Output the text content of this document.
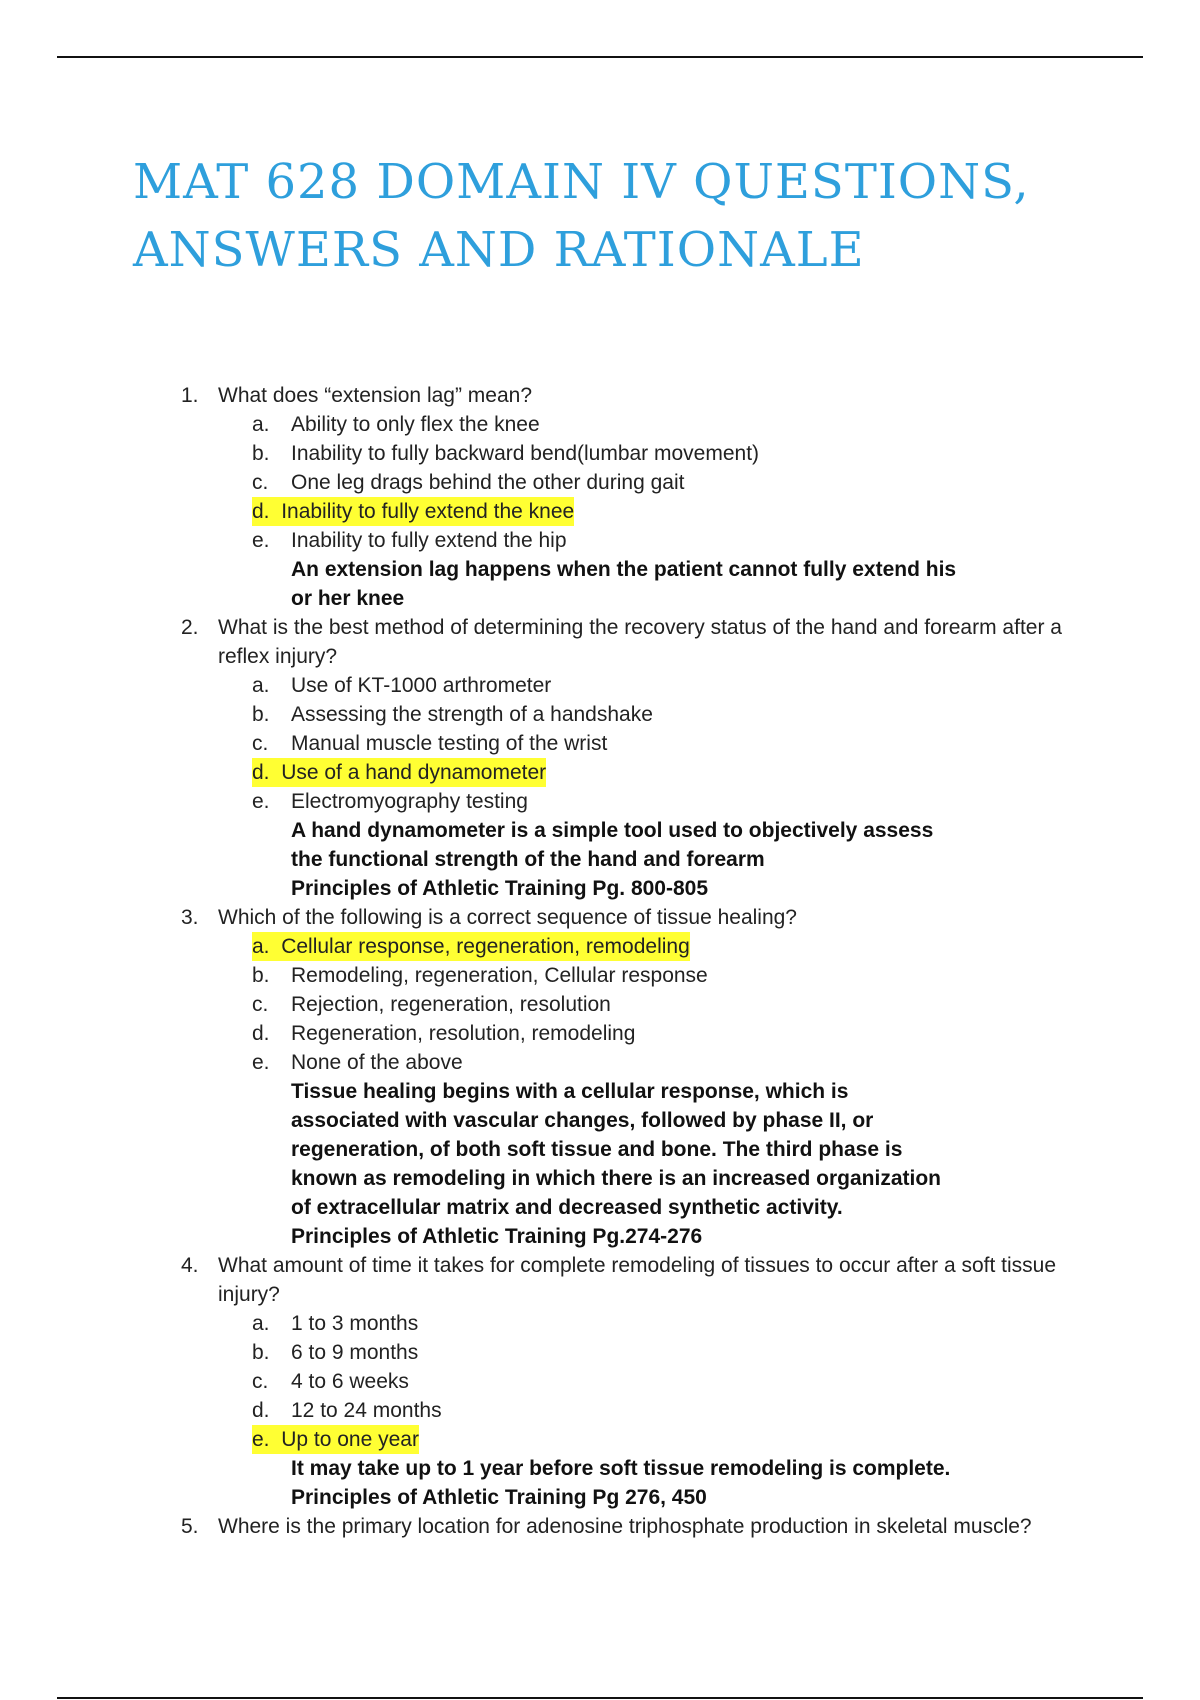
MAT 628 DOMAIN IV QUESTIONS,
ANSWERS AND RATIONALE
1. What does “extension lag” mean?
a. Ability to only flex the knee
b. Inability to fully backward bend(lumbar movement)
c. One leg drags behind the other during gait
d. Inability to fully extend the knee

e. Inability to fully extend the hip
An extension lag happens when the patient cannot fully extend his or her knee
2. What is the best method of determining the recovery status of the hand and forearm after a reflex injury?
a. Use of KT-1000 arthrometer
b. Assessing the strength of a handshake
c. Manual muscle testing of the wrist
d. Use of a hand dynamometer

e. Electromyography testing
A hand dynamometer is a simple tool used to objectively assess the functional strength of the hand and forearm
Principles of Athletic Training Pg. 800-805
3. Which of the following is a correct sequence of tissue healing?
a. Cellular response, regeneration, remodeling

b. Remodeling, regeneration, Cellular response
c. Rejection, regeneration, resolution
d. Regeneration, resolution, remodeling
e. None of the above
Tissue healing begins with a cellular response, which is associated with vascular changes, followed by phase II, or regeneration, of both soft tissue and bone. The third phase is known as remodeling in which there is an increased organization of extracellular matrix and decreased synthetic activity.
Principles of Athletic Training Pg.274-276
4. What amount of time it takes for complete remodeling of tissues to occur after a soft tissue injury?
a. 1 to 3 months
b. 6 to 9 months
c. 4 to 6 weeks
d. 12 to 24 months
e. Up to one year

It may take up to 1 year before soft tissue remodeling is complete.
Principles of Athletic Training Pg 276, 450
5. Where is the primary location for adenosine triphosphate production in skeletal muscle?
